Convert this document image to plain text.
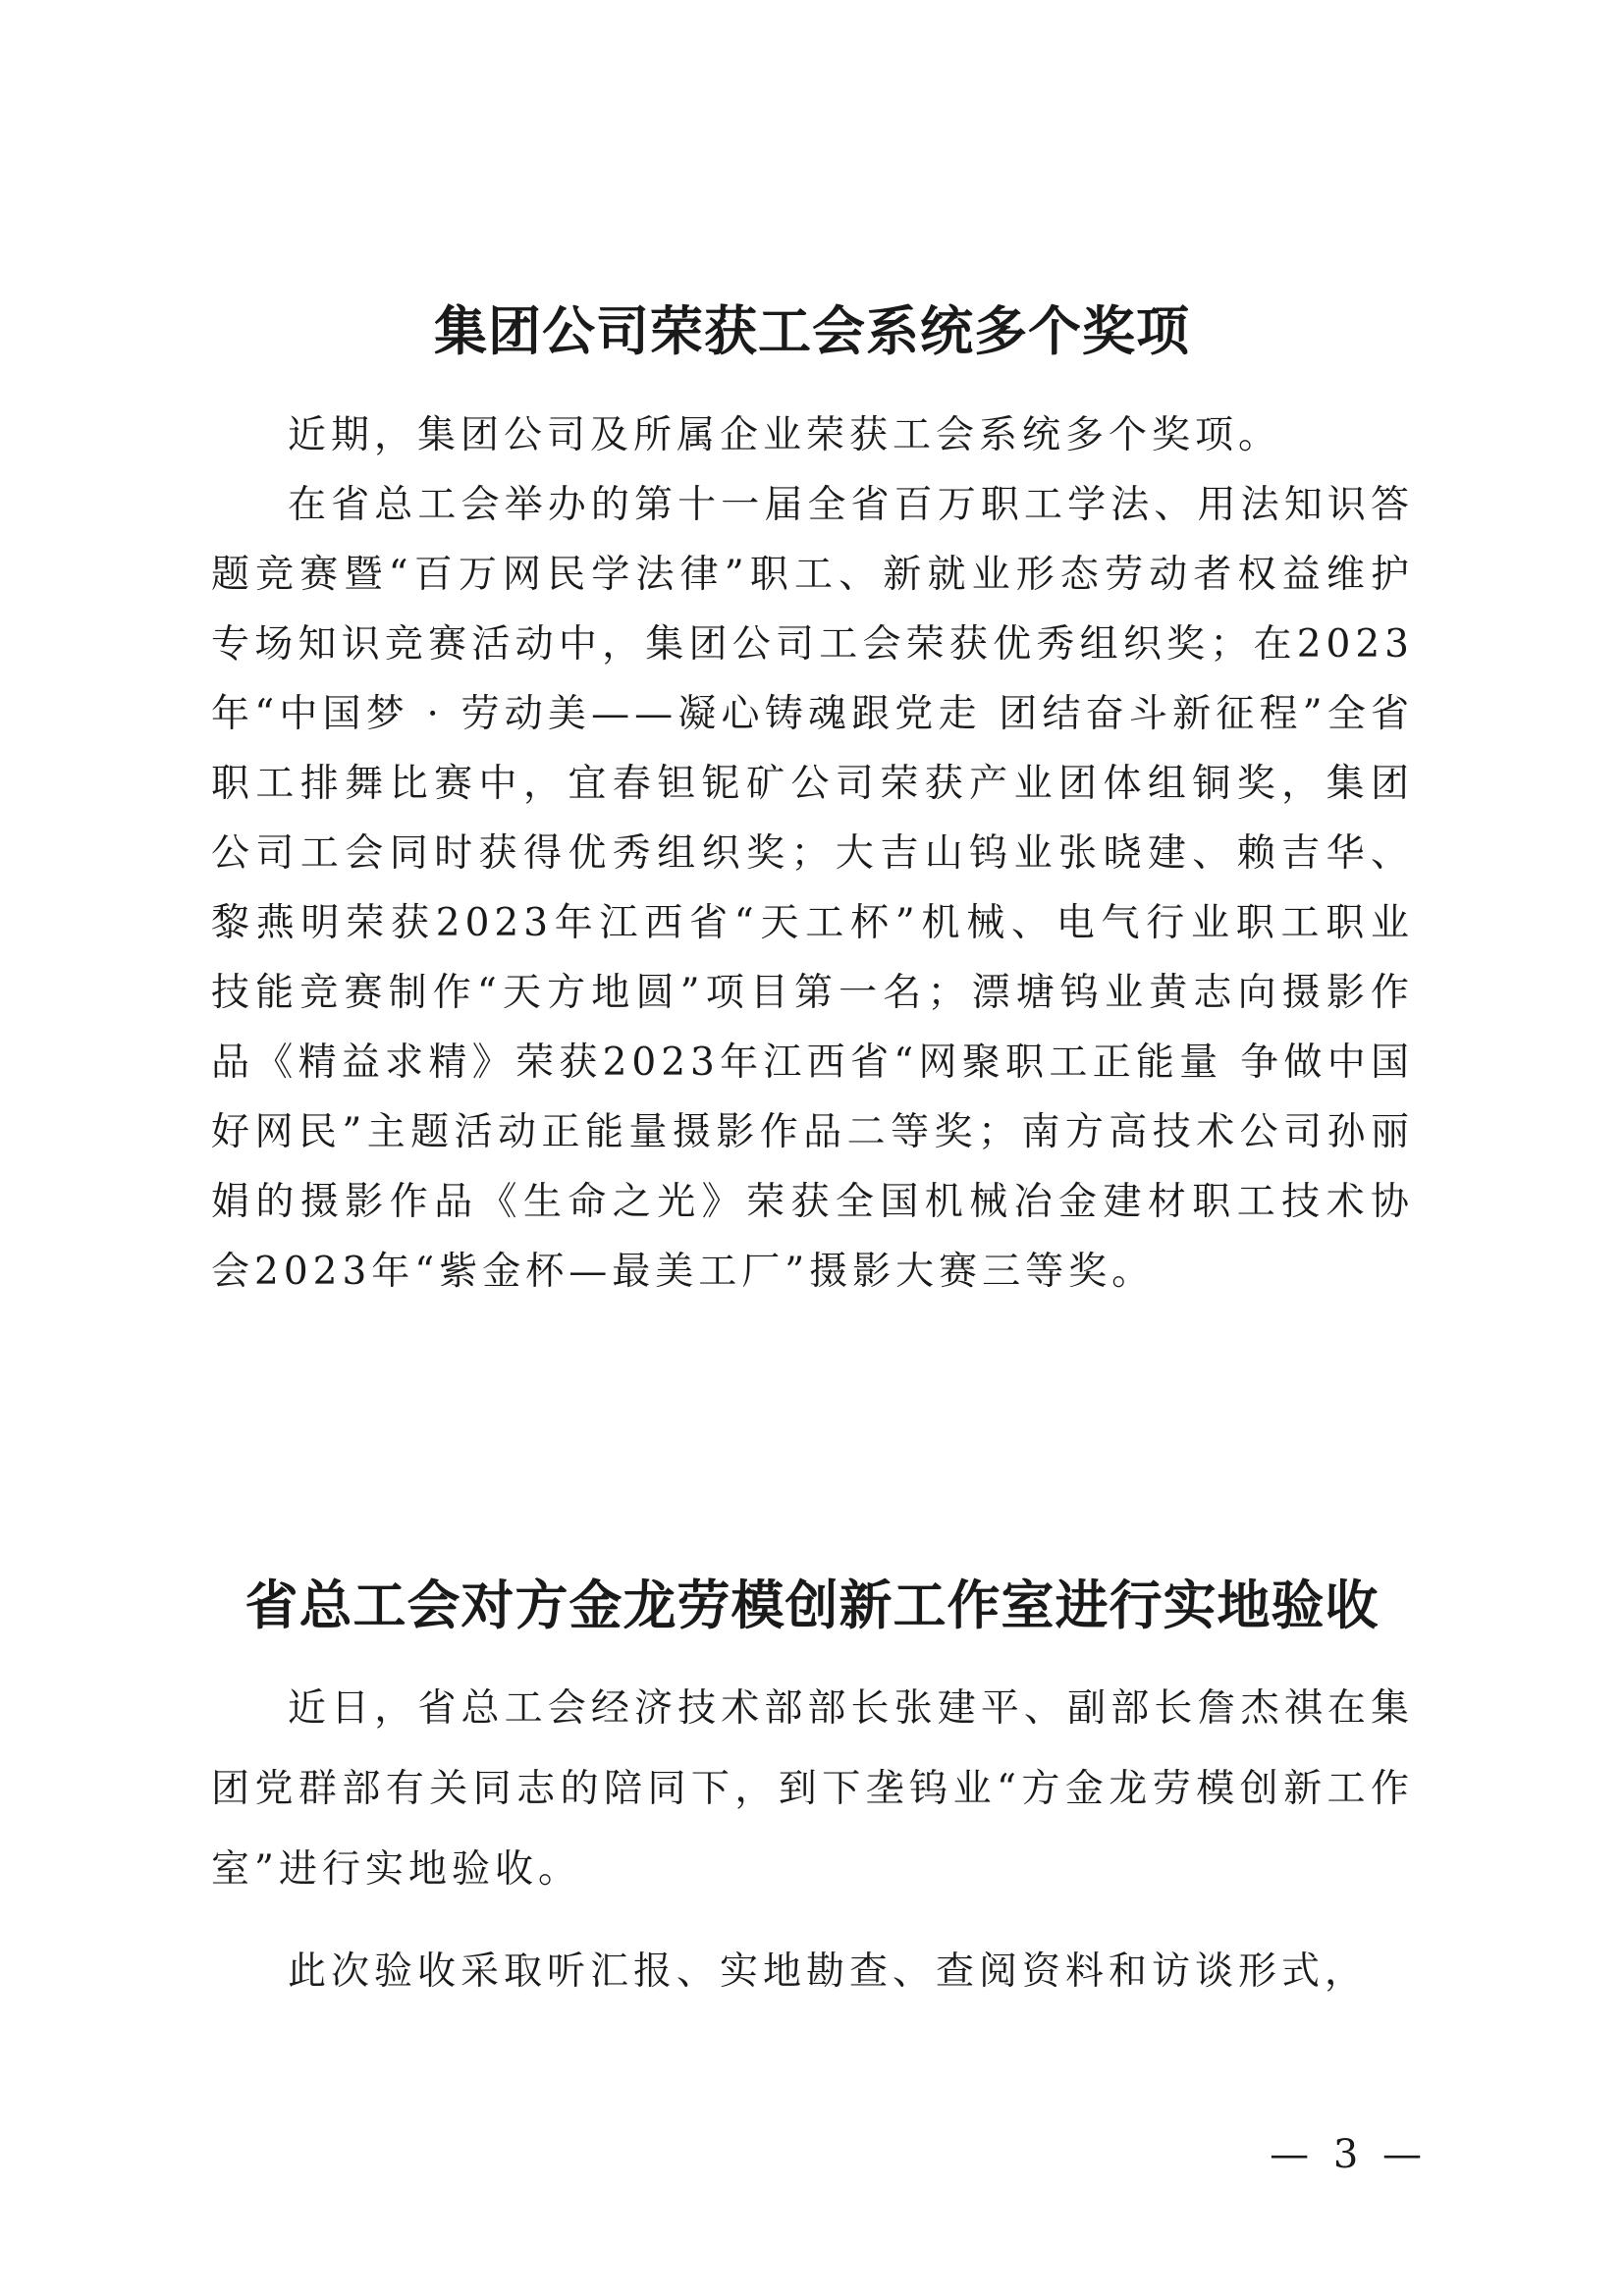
集团公司荣获工会系统多个奖项

近期，集团公司及所属企业荣获工会系统多个奖项。

在省总工会举办的第十一届全省百万职工学法、用法知识答题竞赛暨“百万网民学法律”职工、新就业形态劳动者权益维护专场知识竞赛活动中，集团公司工会荣获优秀组织奖；在2023年“中国梦 · 劳动美——凝心铸魂跟党走 团结奋斗新征程”全省职工排舞比赛中，宜春钽铌矿公司荣获产业团体组铜奖，集团公司工会同时获得优秀组织奖；大吉山钨业张晓建、赖吉华、黎燕明荣获2023年江西省“天工杯”机械、电气行业职工职业技能竞赛制作“天方地圆”项目第一名；漂塘钨业黄志向摄影作品《精益求精》荣获2023年江西省“网聚职工正能量 争做中国好网民”主题活动正能量摄影作品二等奖；南方高技术公司孙丽娟的摄影作品《生命之光》荣获全国机械冶金建材职工技术协会2023年“紫金杯—最美工厂”摄影大赛三等奖。

省总工会对方金龙劳模创新工作室进行实地验收

近日，省总工会经济技术部部长张建平、副部长詹杰祺在集团党群部有关同志的陪同下，到下垄钨业“方金龙劳模创新工作室”进行实地验收。

此次验收采取听汇报、实地勘查、查阅资料和访谈形式，

— 3 —
